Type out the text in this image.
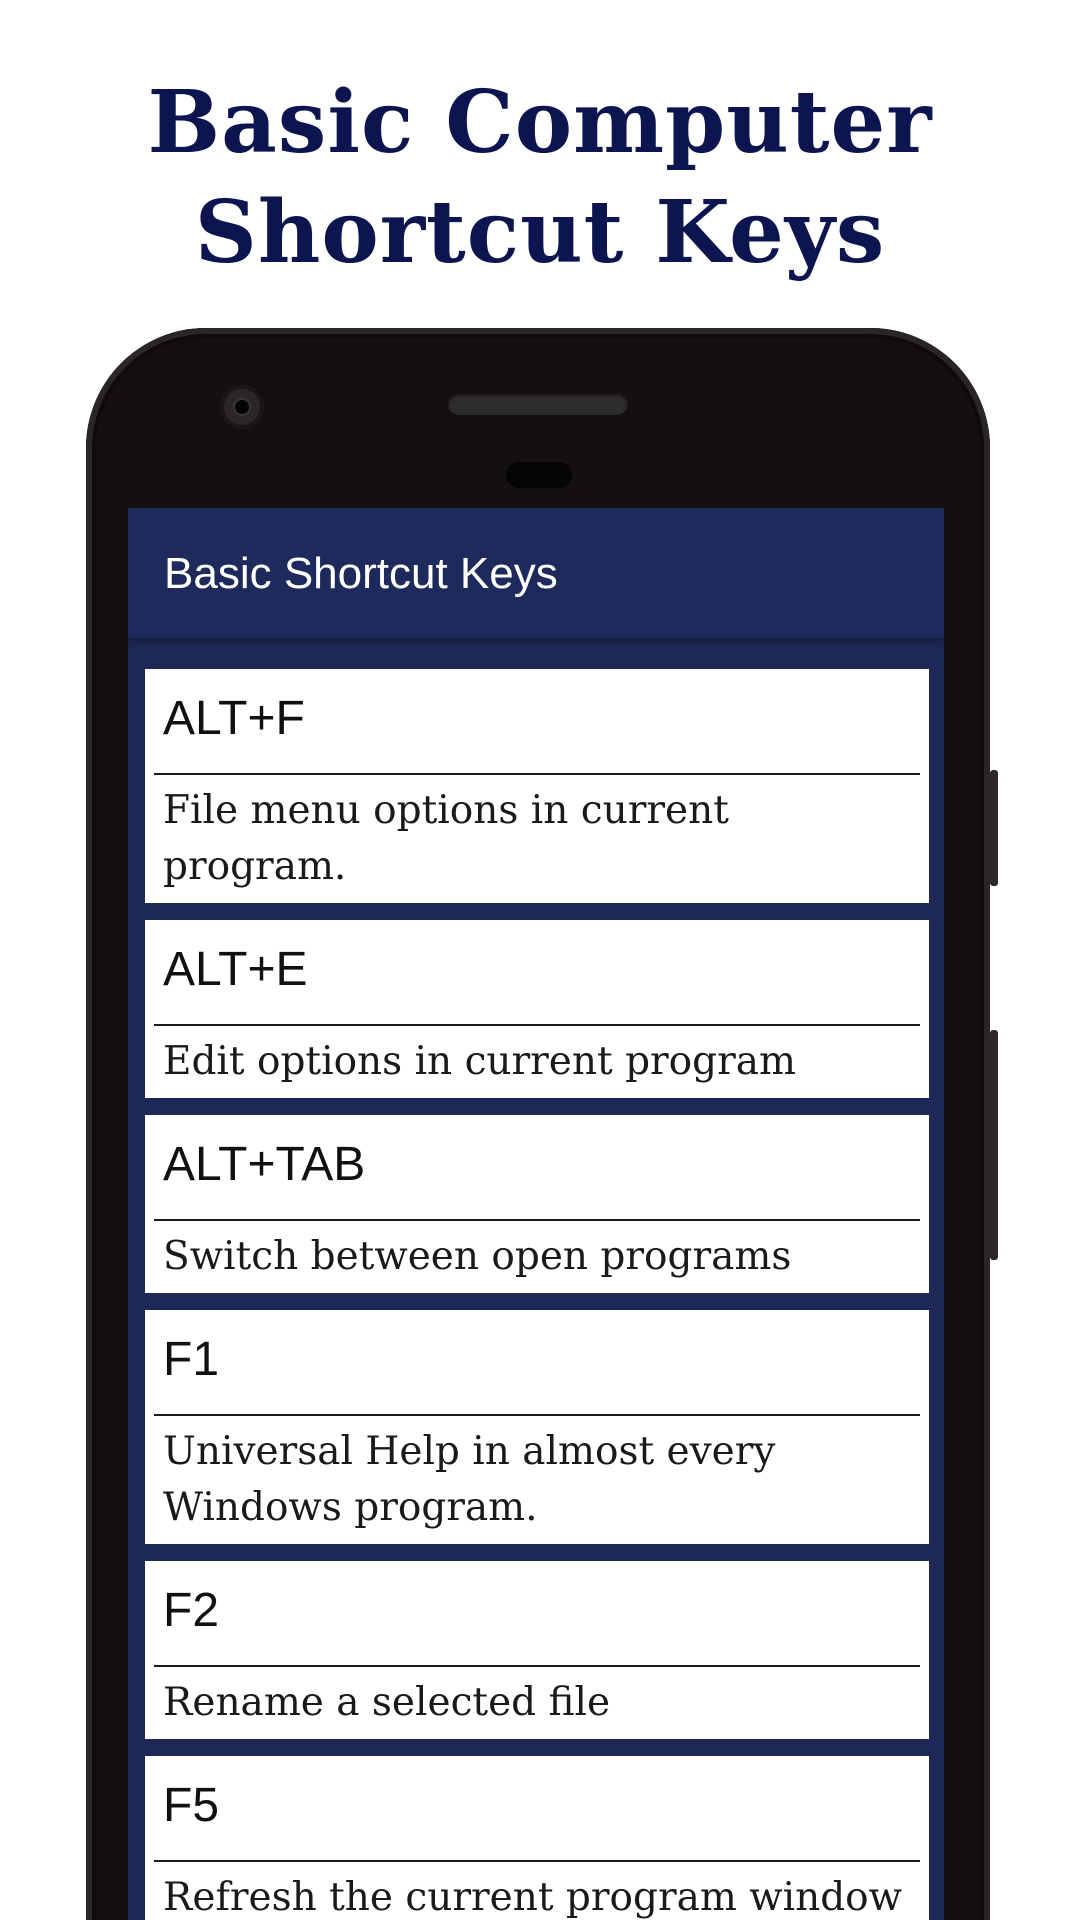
Basic Computer
Shortcut Keys
Basic Shortcut Keys
ALT+F
File menu options in current program.
ALT+E
Edit options in current program
ALT+TAB
Switch between open programs
F1
Universal Help in almost every Windows program.
F2
Rename a selected file
F5
Refresh the current program window
